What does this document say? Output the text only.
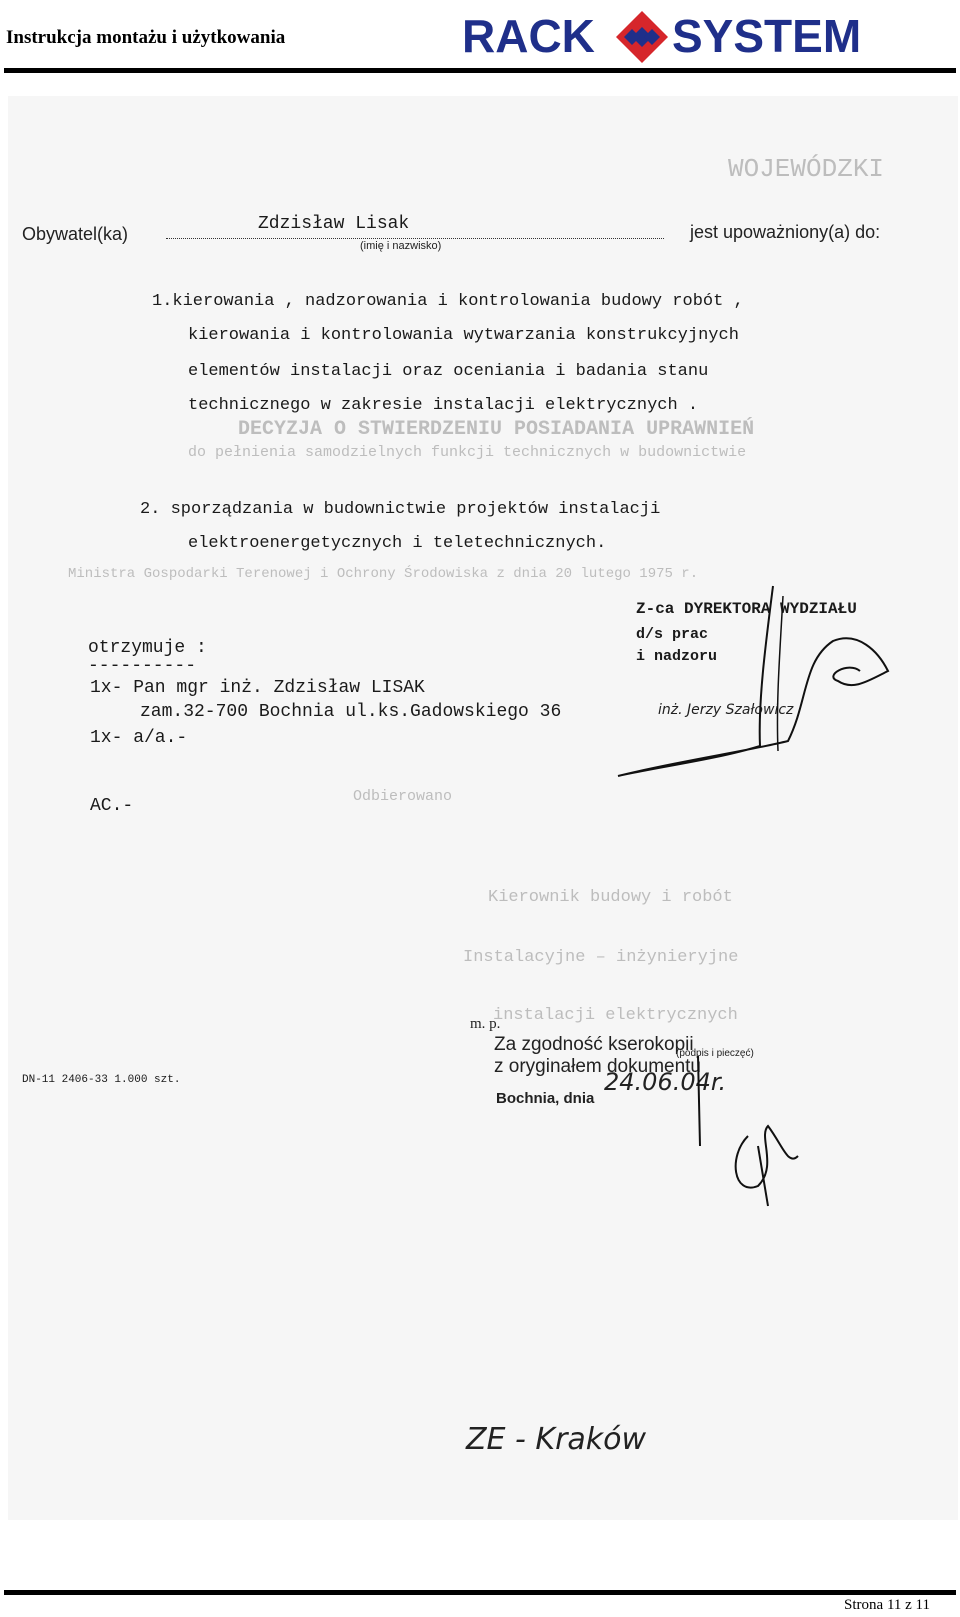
Instrukcja montażu i użytkowania	RACK SYSTEM
WOJEWÓDZKI
DECYZJA O STWIERDZENIU POSIADANIA UPRAWNIEŃ
do pełnienia samodzielnych funkcji technicznych w budownictwie
Ministra Gospodarki Terenowej i Ochrony Środowiska z dnia 20 lutego 1975 r.
Kierownik budowy i robót
Instalacyjne – inżynieryjne
instalacji elektrycznych
Odbierowano
Obywatel(ka)	Zdzisław Lisak
(imię i nazwisko)
jest upoważniony(a) do:
1.kierowania , nadzorowania i kontrolowania budowy robót ,
kierowania i kontrolowania wytwarzania konstrukcyjnych
elementów instalacji oraz oceniania i badania stanu
technicznego w zakresie instalacji elektrycznych .
2. sporządzania w budownictwie projektów instalacji
elektroenergetycznych i teletechnicznych.
otrzymuje :
----------
1x- Pan mgr inż. Zdzisław LISAK
zam.32-700 Bochnia ul.ks.Gadowskiego 36
1x- a/a.-
AC.-
Z-ca DYREKTORA WYDZIAŁU
d/s prac
i nadzoru
inż. Jerzy Szałowicz
DN-11 2406-33 1.000 szt.
m. p.
Za zgodność kserokopii
z oryginałem dokumentu
(podpis i pieczęć)
Bochnia, dnia
24.06.04r.
ZE - Kraków
Strona 11 z 11
